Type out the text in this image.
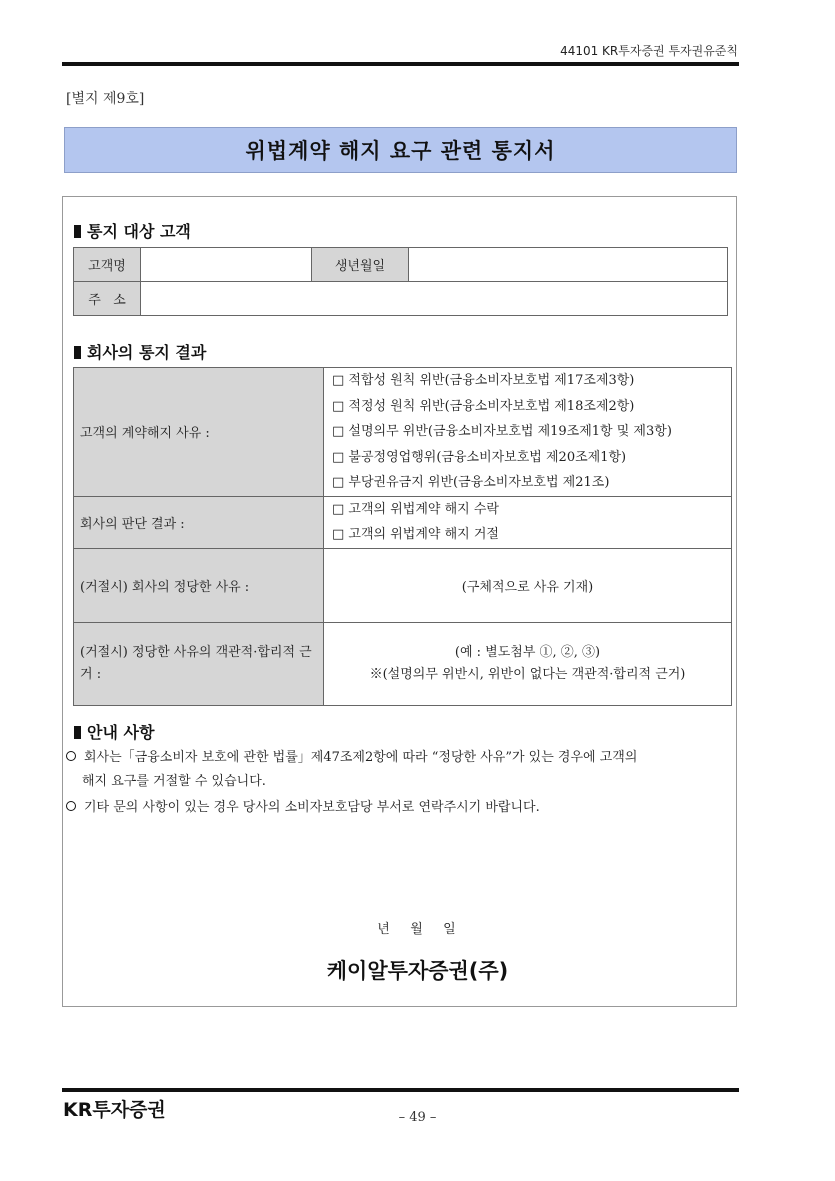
44101 KR투자증권 투자권유준칙
[별지 제9호]
위법계약 해지 요구 관련 통지서
통지 대상 고객
고객명		생년월일	
주   소			
회사의 통지 결과
고객의 계약해지 사유 :	□ 적합성 원칙 위반(금융소비자보호법 제17조제3항)
□ 적정성 원칙 위반(금융소비자보호법 제18조제2항)
□ 설명의무 위반(금융소비자보호법 제19조제1항 및 제3항)
□ 불공정영업행위(금융소비자보호법 제20조제1항)
□ 부당권유금지 위반(금융소비자보호법 제21조)

회사의 판단 결과 :	□ 고객의 위법계약 해지 수락
□ 고객의 위법계약 해지 거절

(거절시) 회사의 정당한 사유 :	(구체적으로 사유 기재)
(거절시) 정당한 사유의 객관적·합리적 근거 :	(예 : 별도첨부 ①, ②, ③)
※(설명의무 위반시, 위반이 없다는 객관적·합리적 근거)
안내 사항
회사는「금융소비자 보호에 관한 법률」제47조제2항에 따라 “정당한 사유”가 있는 경우에 고객의
해지 요구를 거절할 수 있습니다.
기타 문의 사항이 있는 경우 당사의 소비자보호담당 부서로 연락주시기 바랍니다.
년   월   일
케이알투자증권(주)
KR투자증권	– 49 –
